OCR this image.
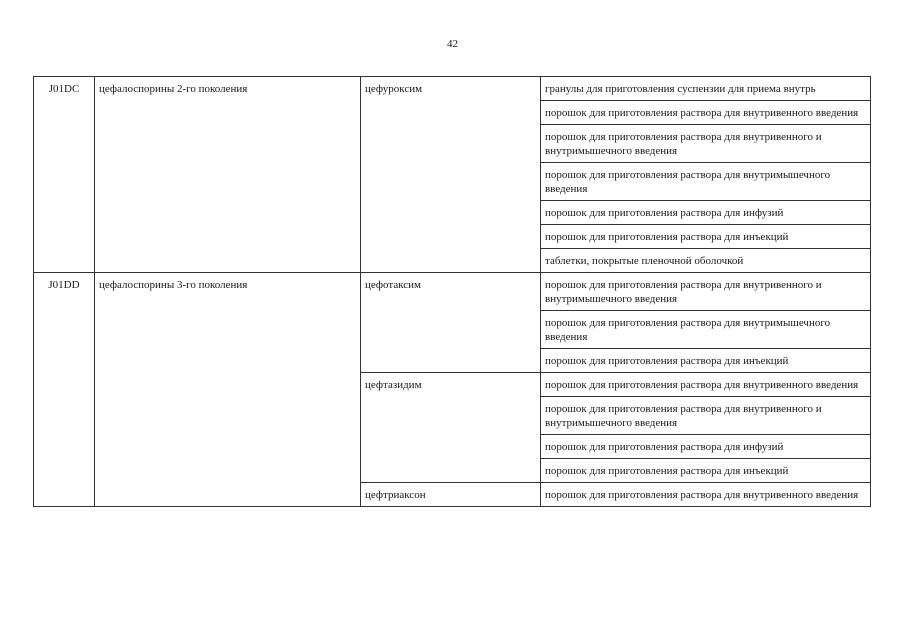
42
J01DC	цефалоспорины 2-го поколения	цефуроксим	гранулы для приготовления суспензии для приема внутрь
			порошок для приготовления раствора для внутривенного введения
			порошок для приготовления раствора для внутривенного и внутримышечного введения
			порошок для приготовления раствора для внутримышечного введения
			порошок для приготовления раствора для инфузий
			порошок для приготовления раствора для инъекций
			таблетки, покрытые пленочной оболочкой
J01DD	цефалоспорины 3-го поколения	цефотаксим	порошок для приготовления раствора для внутривенного и внутримышечного введения
			порошок для приготовления раствора для внутримышечного введения
			порошок для приготовления раствора для инъекций
		цефтазидим	порошок для приготовления раствора для внутривенного введения
			порошок для приготовления раствора для внутривенного и внутримышечного введения
			порошок для приготовления раствора для инфузий
			порошок для приготовления раствора для инъекций
		цефтриаксон	порошок для приготовления раствора для внутривенного введения
